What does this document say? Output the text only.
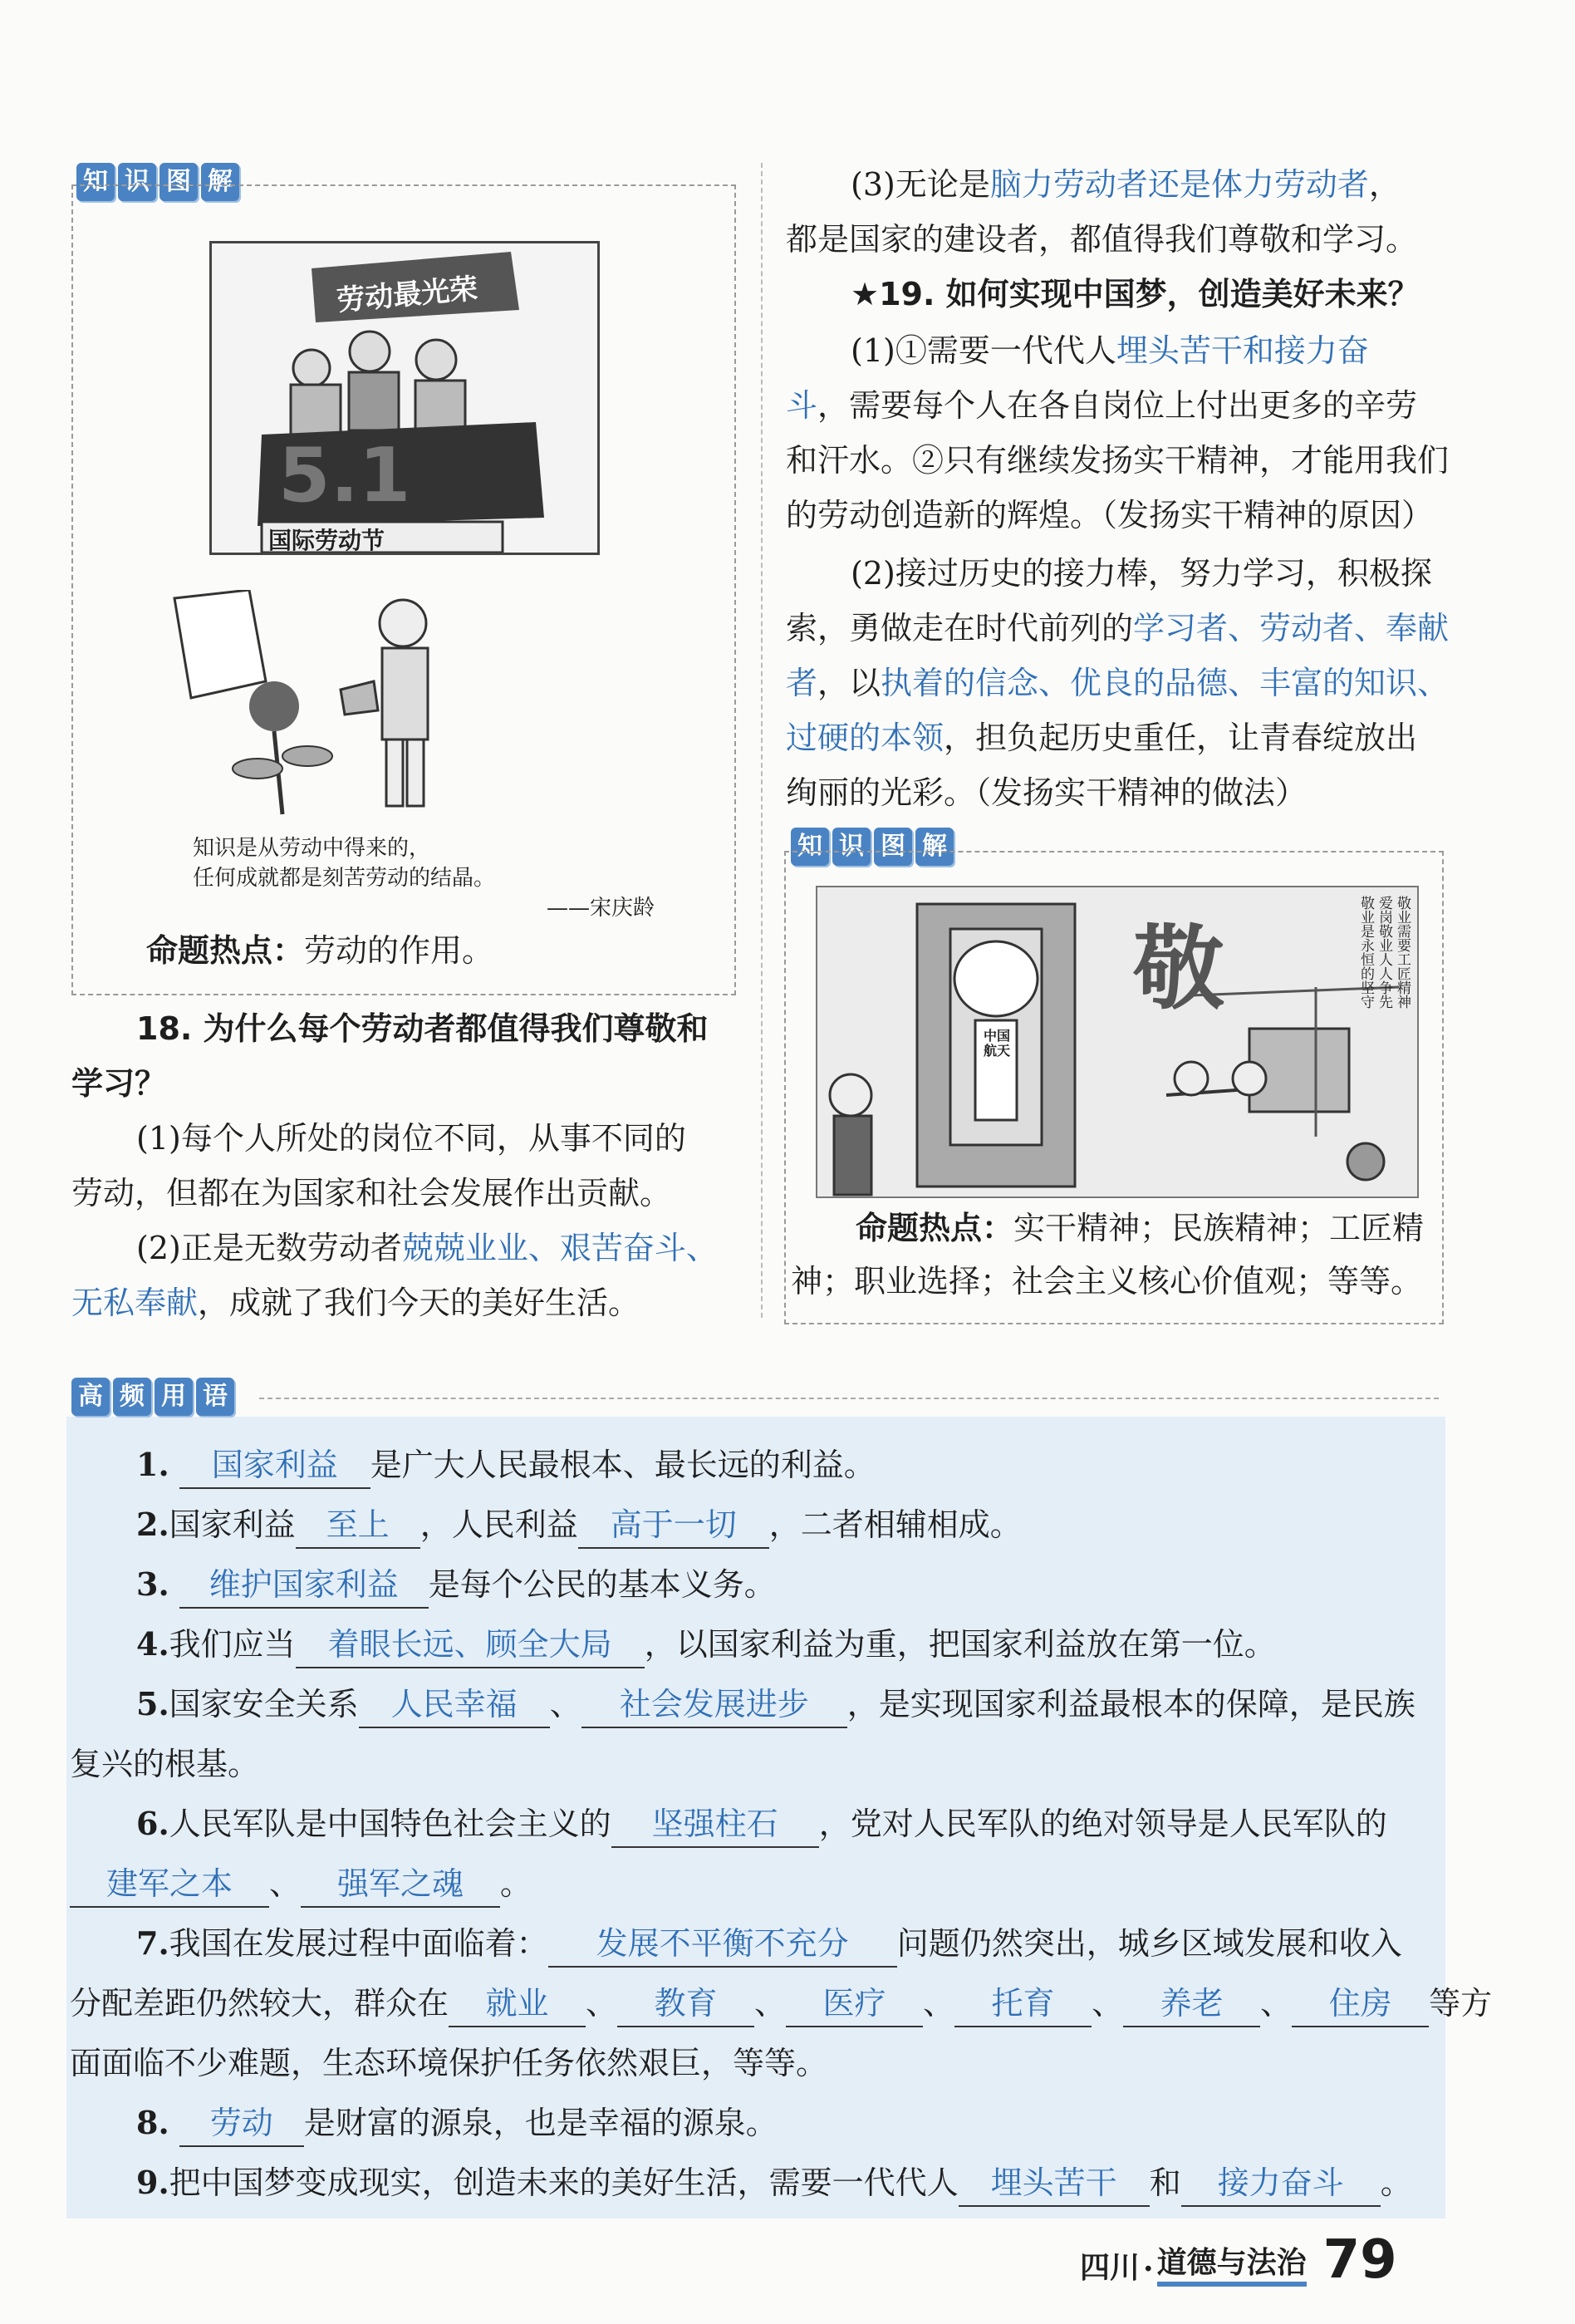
知 识 图 解
5.1
劳动最光荣
国际劳动节
知识是从劳动中得来的，
任何成就都是刻苦劳动的结晶。
——宋庆龄
命题热点：劳动的作用。
18. 为什么每个劳动者都值得我们尊敬和
学习？
(1)每个人所处的岗位不同，从事不同的
劳动，但都在为国家和社会发展作出贡献。
(2)正是无数劳动者兢兢业业、艰苦奋斗、
无私奉献，成就了我们今天的美好生活。
(3)无论是脑力劳动者还是体力劳动者，
都是国家的建设者，都值得我们尊敬和学习。
★19. 如何实现中国梦，创造美好未来？
(1)①需要一代代人埋头苦干和接力奋
斗，需要每个人在各自岗位上付出更多的辛劳
和汗水。②只有继续发扬实干精神，才能用我们
的劳动创造新的辉煌。（发扬实干精神的原因）
(2)接过历史的接力棒，努力学习，积极探
索，勇做走在时代前列的学习者、劳动者、奉献
者，以执着的信念、优良的品德、丰富的知识、
过硬的本领，担负起历史重任，让青春绽放出
绚丽的光彩。（发扬实干精神的做法）
知 识 图 解
敬	敬业需要工匠精神
爱岗敬业人人争先
敬业是永恒的坚守
中国航天
命题热点：实干精神；民族精神；工匠精
神；职业选择；社会主义核心价值观；等等。
高 频 用 语
1. 国家利益 是广大人民最根本、最长远的利益。
2.国家利益 至上 ，人民利益 高于一切 ，二者相辅相成。
3. 维护国家利益 是每个公民的基本义务。
4.我们应当 着眼长远、顾全大局 ，以国家利益为重，把国家利益放在第一位。
5.国家安全关系 人民幸福 、 社会发展进步 ，是实现国家利益最根本的保障，是民族
复兴的根基。
6.人民军队是中国特色社会主义的 坚强柱石 ，党对人民军队的绝对领导是人民军队的
建军之本 、 强军之魂 。
7.我国在发展过程中面临着： 发展不平衡不充分 问题仍然突出，城乡区域发展和收入
分配差距仍然较大，群众在 就业 、 教育 、 医疗 、 托育 、 养老 、 住房 等方
面面临不少难题，生态环境保护任务依然艰巨，等等。
8. 劳动 是财富的源泉，也是幸福的源泉。
9.把中国梦变成现实，创造未来的美好生活，需要一代代人 埋头苦干 和 接力奋斗 。
四川 · 道德与法治 79
